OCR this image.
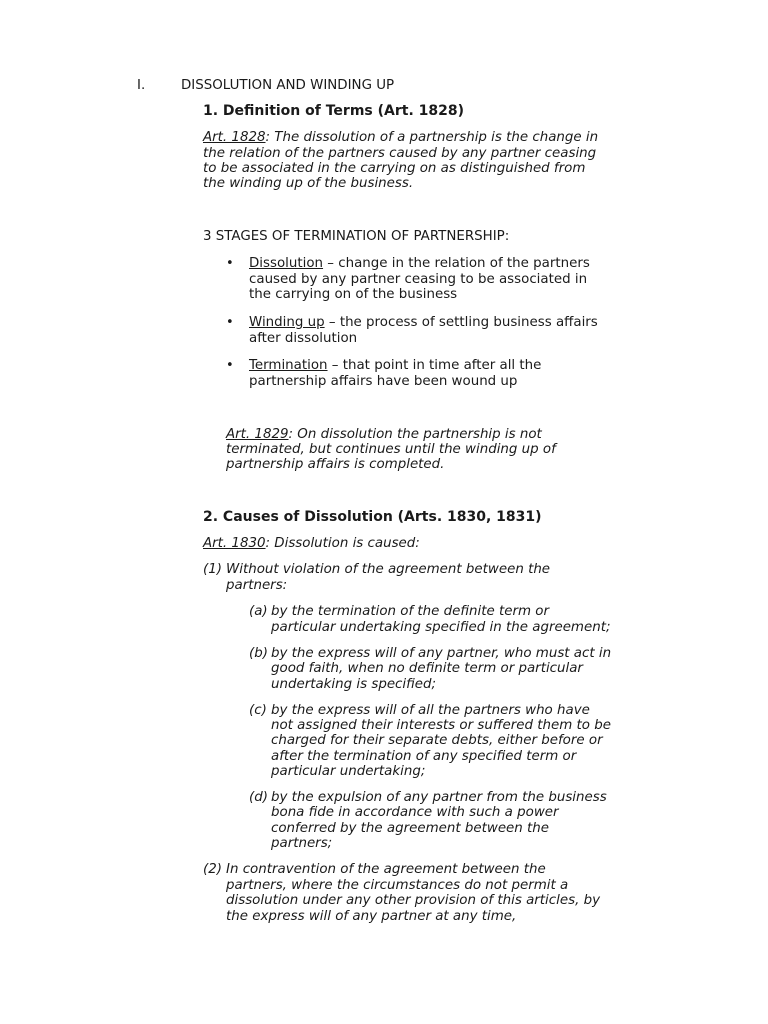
I.	DISSOLUTION AND WINDING UP
1. Definition of Terms (Art. 1828)
Art. 1828: The dissolution of a partnership is the change in
the relation of the partners caused by any partner ceasing
to be associated in the carrying on as distinguished from
the winding up of the business.
3 STAGES OF TERMINATION OF PARTNERSHIP:
• Dissolution – change in the relation of the partners
caused by any partner ceasing to be associated in
the carrying on of the business
• Winding up – the process of settling business affairs
after dissolution
• Termination – that point in time after all the
partnership affairs have been wound up
Art. 1829: On dissolution the partnership is not
terminated, but continues until the winding up of
partnership affairs is completed.
2. Causes of Dissolution (Arts. 1830, 1831)
Art. 1830: Dissolution is caused:
(1) Without violation of the agreement between the
partners:
(a) by the termination of the definite term or
particular undertaking specified in the agreement;
(b) by the express will of any partner, who must act in
good faith, when no definite term or particular
undertaking is specified;
(c) by the express will of all the partners who have
not assigned their interests or suffered them to be
charged for their separate debts, either before or
after the termination of any specified term or
particular undertaking;
(d) by the expulsion of any partner from the business
bona fide in accordance with such a power
conferred by the agreement between the
partners;
(2) In contravention of the agreement between the
partners, where the circumstances do not permit a
dissolution under any other provision of this articles, by
the express will of any partner at any time,
